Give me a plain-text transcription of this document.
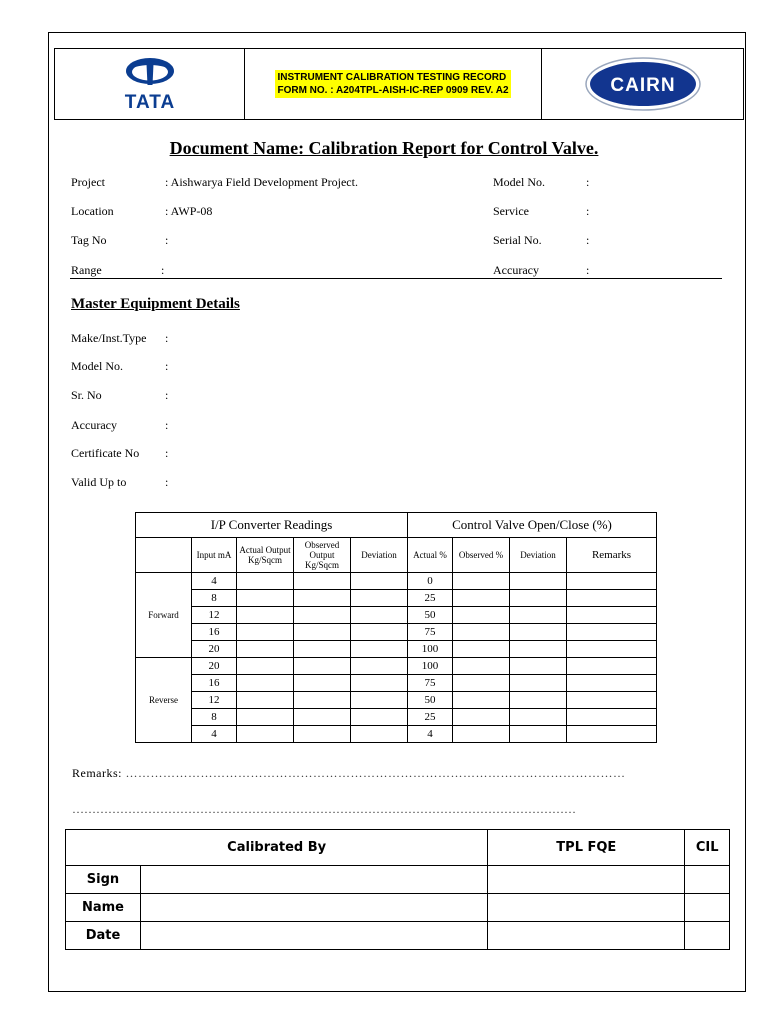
TATA
INSTRUMENT CALIBRATION TESTING RECORD
FORM NO. : A204TPL-AISH-IC-REP 0909 REV. A2	CAIRN
Document Name: Calibration Report for Control Valve.
Project	: Aishwarya Field Development Project.
Location	: AWP-08
Tag No	:
Range	:
Model No.	:
Service	:
Serial No.	:
Accuracy	:
Master Equipment Details
Make/Inst.Type :
Model No.	:
Sr. No	:
Accuracy	:
Certificate No :
Valid Up to	:
I/P Converter Readings					Control Valve Open/Close (%)			
	Input mA	Actual Output Kg/Sqcm	Observed Output Kg/Sqcm	Deviation	Actual %	Observed %	Deviation	Remarks
Forward	4				0			
	8				25			
	12				50			
	16				75			
	20				100			
Reverse	20				100			
	16				75			
	12				50			
	8				25			
	4				4			
Remarks: …………………………………………………………………………………………………………
………………………………………………………………………………………………………………
Calibrated By		TPL FQE	CIL
Sign			
Name			
Date			
